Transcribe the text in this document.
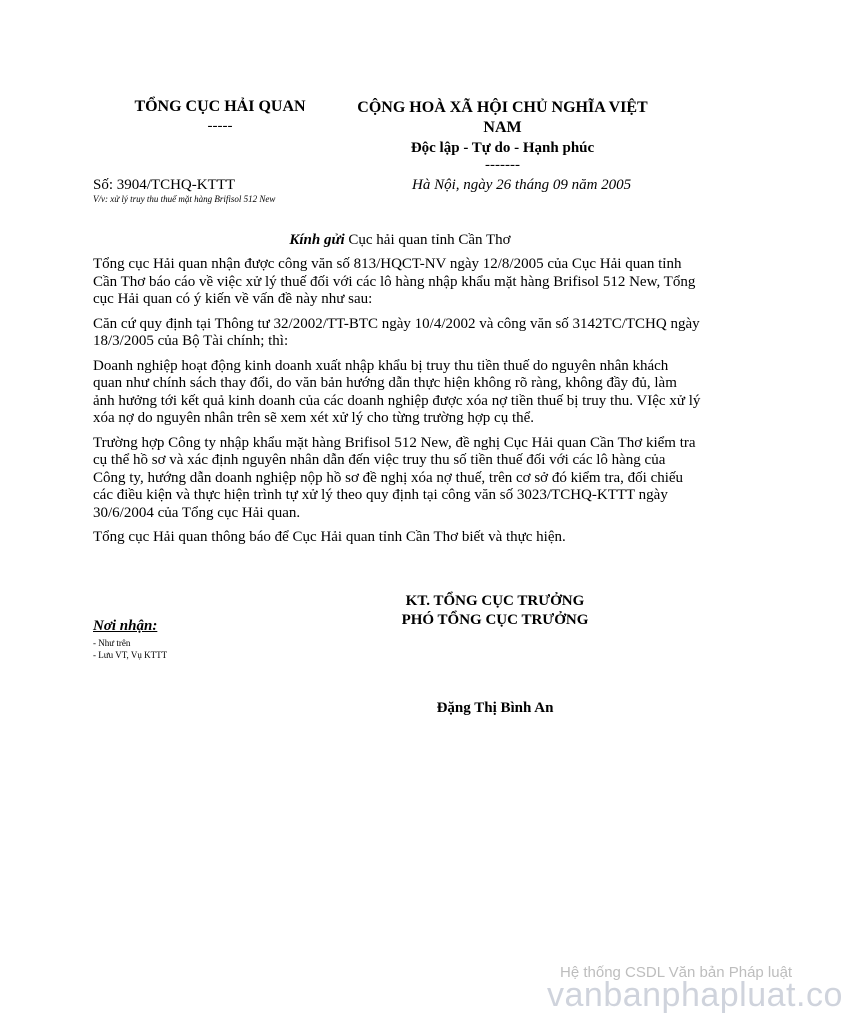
TỔNG CỤC HẢI QUAN
-----
CỘNG HOÀ XÃ HỘI CHỦ NGHĨA VIỆT NAM
Độc lập - Tự do - Hạnh phúc
-------
Số: 3904/TCHQ-KTTT
V/v: xử lý truy thu thuế mặt hàng Brifisol 512 New
Hà Nội, ngày 26 tháng 09 năm 2005
Kính gửi Cục hải quan tỉnh Cần Thơ

Tổng cục Hải quan nhận được công văn số 813/HQCT-NV ngày 12/8/2005 của Cục Hải quan tỉnh Cần Thơ báo cáo về việc xử lý thuế đối với các lô hàng nhập khẩu mặt hàng Brifisol 512 New, Tổng cục Hải quan có ý kiến về vấn đề này như sau:

Căn cứ quy định tại Thông tư 32/2002/TT-BTC ngày 10/4/2002 và công văn số 3142TC/TCHQ ngày 18/3/2005 của Bộ Tài chính; thì:

Doanh nghiệp hoạt động kinh doanh xuất nhập khẩu bị truy thu tiền thuế do nguyên nhân khách quan như chính sách thay đổi, do văn bản hướng dẫn thực hiện không rõ ràng, không đầy đủ, làm ảnh hưởng tới kết quả kinh doanh của các doanh nghiệp được xóa nợ tiền thuế bị truy thu. VIệc xử lý xóa nợ do nguyên nhân trên sẽ xem xét xử lý cho từng trường hợp cụ thể.

Trường hợp Công ty nhập khẩu mặt hàng Brifisol 512 New, đề nghị Cục Hải quan Cần Thơ kiểm tra cụ thể hồ sơ và xác định nguyên nhân dẫn đến việc truy thu số tiền thuế đối với các lô hàng của Công ty, hướng dẫn doanh nghiệp nộp hồ sơ đề nghị xóa nợ thuế, trên cơ sở đó kiểm tra, đối chiếu các điều kiện và thực hiện trình tự xử lý theo quy định tại công văn số 3023/TCHQ-KTTT ngày 30/6/2004 của Tổng cục Hải quan.

Tổng cục Hải quan thông báo để Cục Hải quan tỉnh Cần Thơ biết và thực hiện.

KT. TỔNG CỤC TRƯỞNG
PHÓ TỔNG CỤC TRƯỞNG
Nơi nhận:
- Như trên
- Lưu VT, Vụ KTTT
Đặng Thị Bình An
Hệ thống CSDL Văn bản Pháp luật
vanbanphapluat.co
